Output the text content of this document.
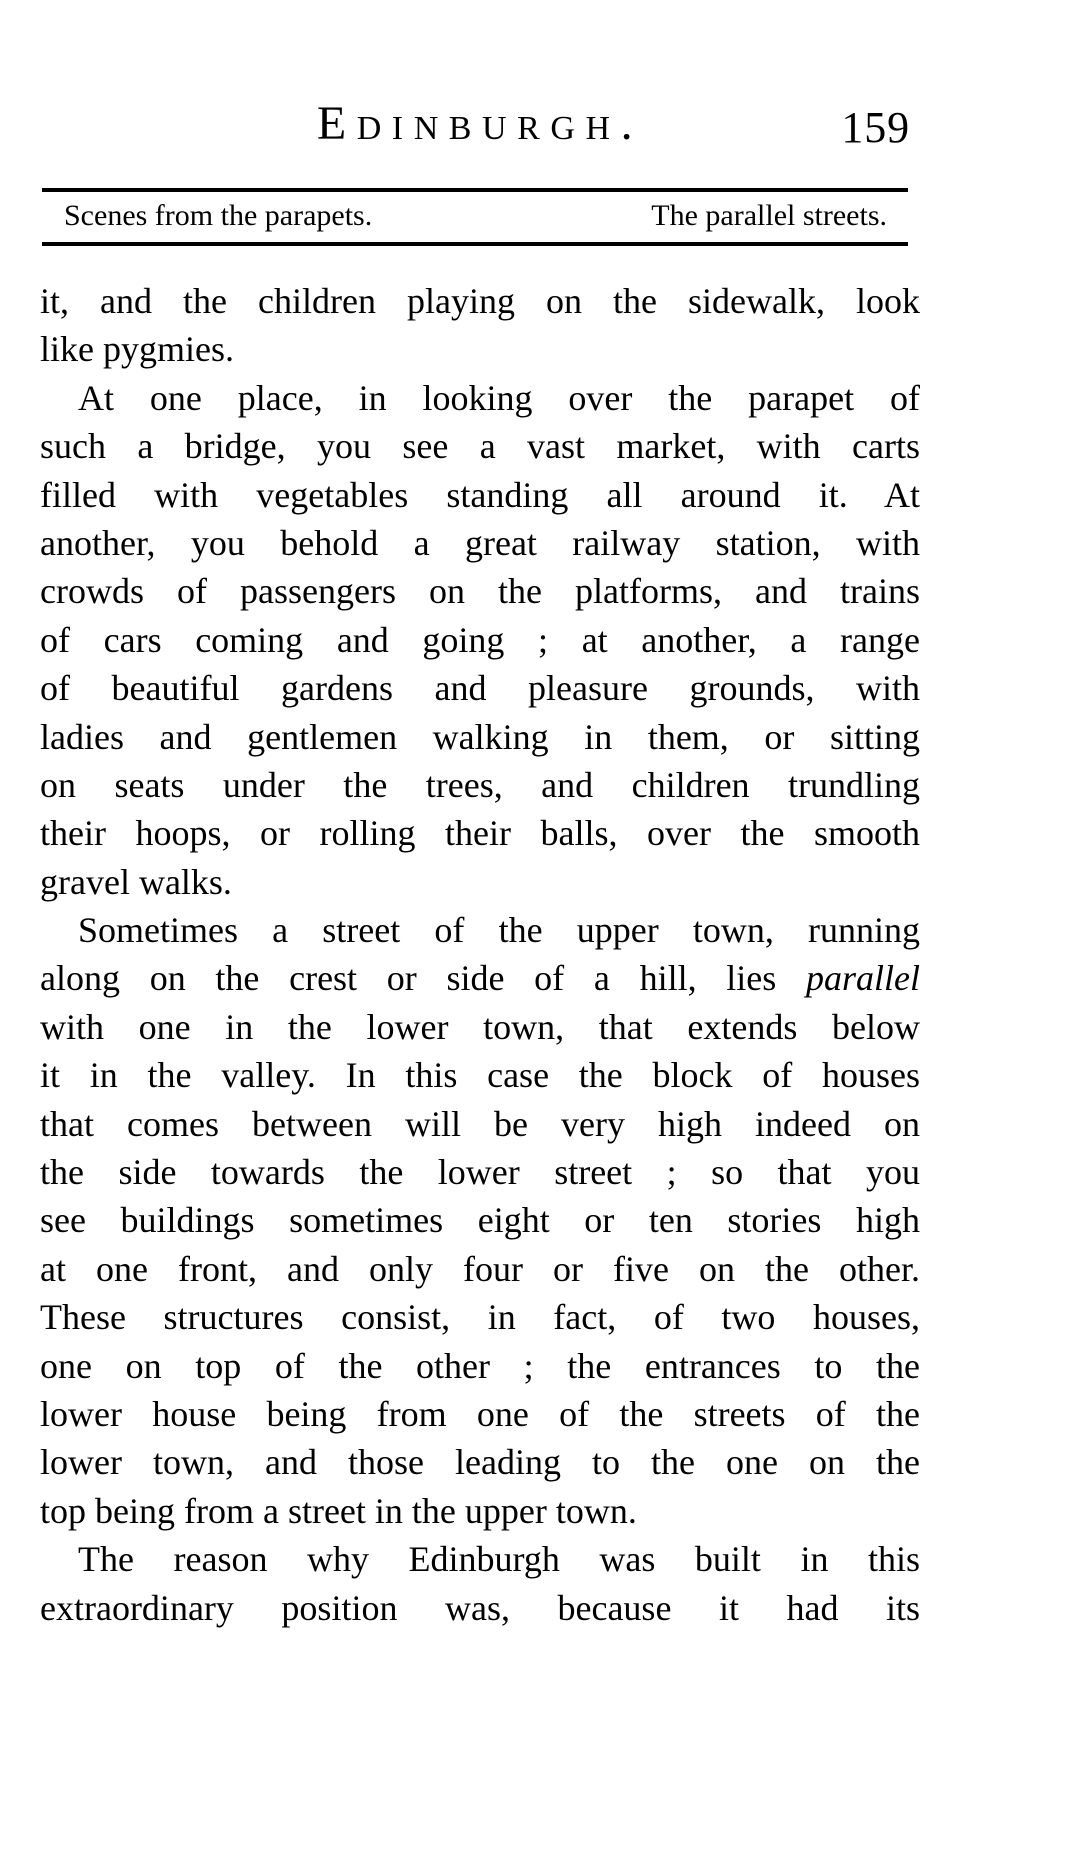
Edinburgh.	159
Scenes from the parapets.	The parallel streets.
it, and the children playing on the sidewalk, look
like pygmies.
At one place, in looking over the parapet of
such a bridge, you see a vast market, with carts
filled with vegetables standing all around it. At
another, you behold a great railway station, with
crowds of passengers on the platforms, and trains
of cars coming and going ; at another, a range
of beautiful gardens and pleasure grounds, with
ladies and gentlemen walking in them, or sitting
on seats under the trees, and children trundling
their hoops, or rolling their balls, over the smooth
gravel walks.
Sometimes a street of the upper town, running
along on the crest or side of a hill, lies parallel
with one in the lower town, that extends below
it in the valley. In this case the block of houses
that comes between will be very high indeed on
the side towards the lower street ; so that you
see buildings sometimes eight or ten stories high
at one front, and only four or five on the other.
These structures consist, in fact, of two houses,
one on top of the other ; the entrances to the
lower house being from one of the streets of the
lower town, and those leading to the one on the
top being from a street in the upper town.
The reason why Edinburgh was built in this
extraordinary position was, because it had its
